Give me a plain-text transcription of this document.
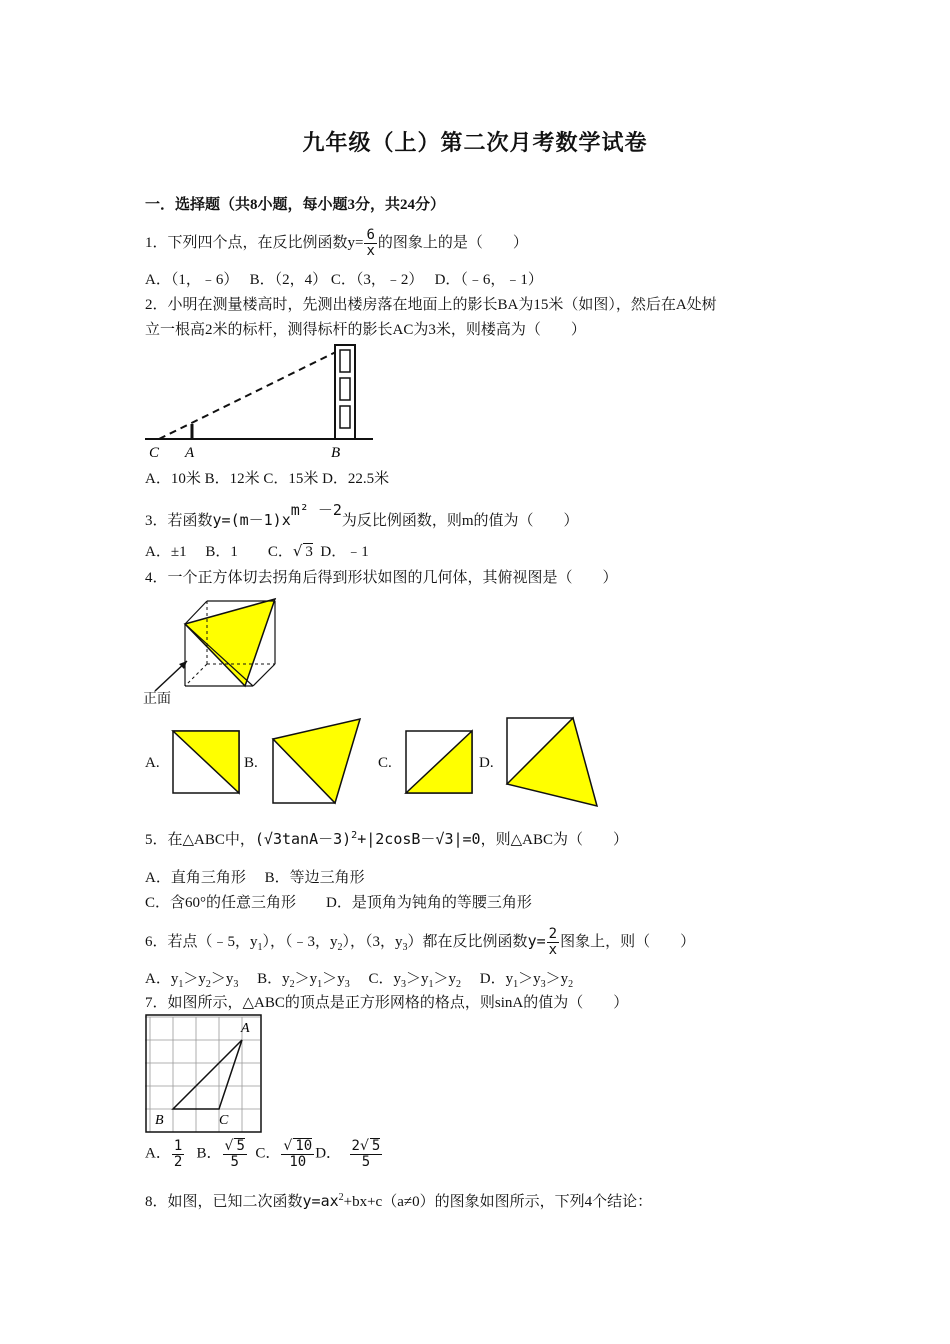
九年级（上）第二次月考数学试卷
一．选择题（共8小题，每小题3分，共24分）
1．下列四个点，在反比例函数$y= \frac{6}{x}$ 的图象上的是（　　）
A．（1，﹣6）　 B．（2，4） C．（3，﹣2）　 D．（﹣6，﹣1）
2．小明在测量楼高时，先测出楼房落在地面上的影长BA为15米（如图），然后在A处树
立一根高2米的标杆，测得标杆的影长AC为3米，则楼高为（　　）
C A	B
A．10米 B．12米 C．15米 D．22.5米
3．若函数$y=(m-1)x^{m^2 -2}$为反比例函数，则m的值为（　　）
A．±1　 B．1　　C．√ 3 D．﹣1
4．一个正方体切去拐角后得到形状如图的几何体，其俯视图是（　　）
正面
A.	B.	C.	D.
5．在△ABC中，$(√3\tan A-3)^2+|2\cos B-√3|=0$，则△ABC为（　　）
A．直角三角形　 B．等边三角形
C．含60°的任意三角形　　D．是顶角为钝角的等腰三角形
6．若点（﹣5，$y_1$），（﹣3，$y_2$），（3，$y_3$）都在反比例函数$y= \frac{2}{x}$ 图象上，则（　　）
A．$y_1>y_2>y_3$　 B．$y_2>y_1>y_3$　 C．$y_3>y_1>y_2$　 D．$y_1>y_3>y_2$
7．如图所示，△ABC的顶点是正方形网格的格点，则sinA的值为（　　）
A
B	C
A． $\frac{1}{2}$ B． $\frac{√ 5}{5}$ C． $\frac{√ 10}{10}$ D． $\frac{2√ 5}{5}$
8．如图，已知二次函数$y=ax^2+bx+c(a\ne 0)$的图象如图所示，下列4个结论：
